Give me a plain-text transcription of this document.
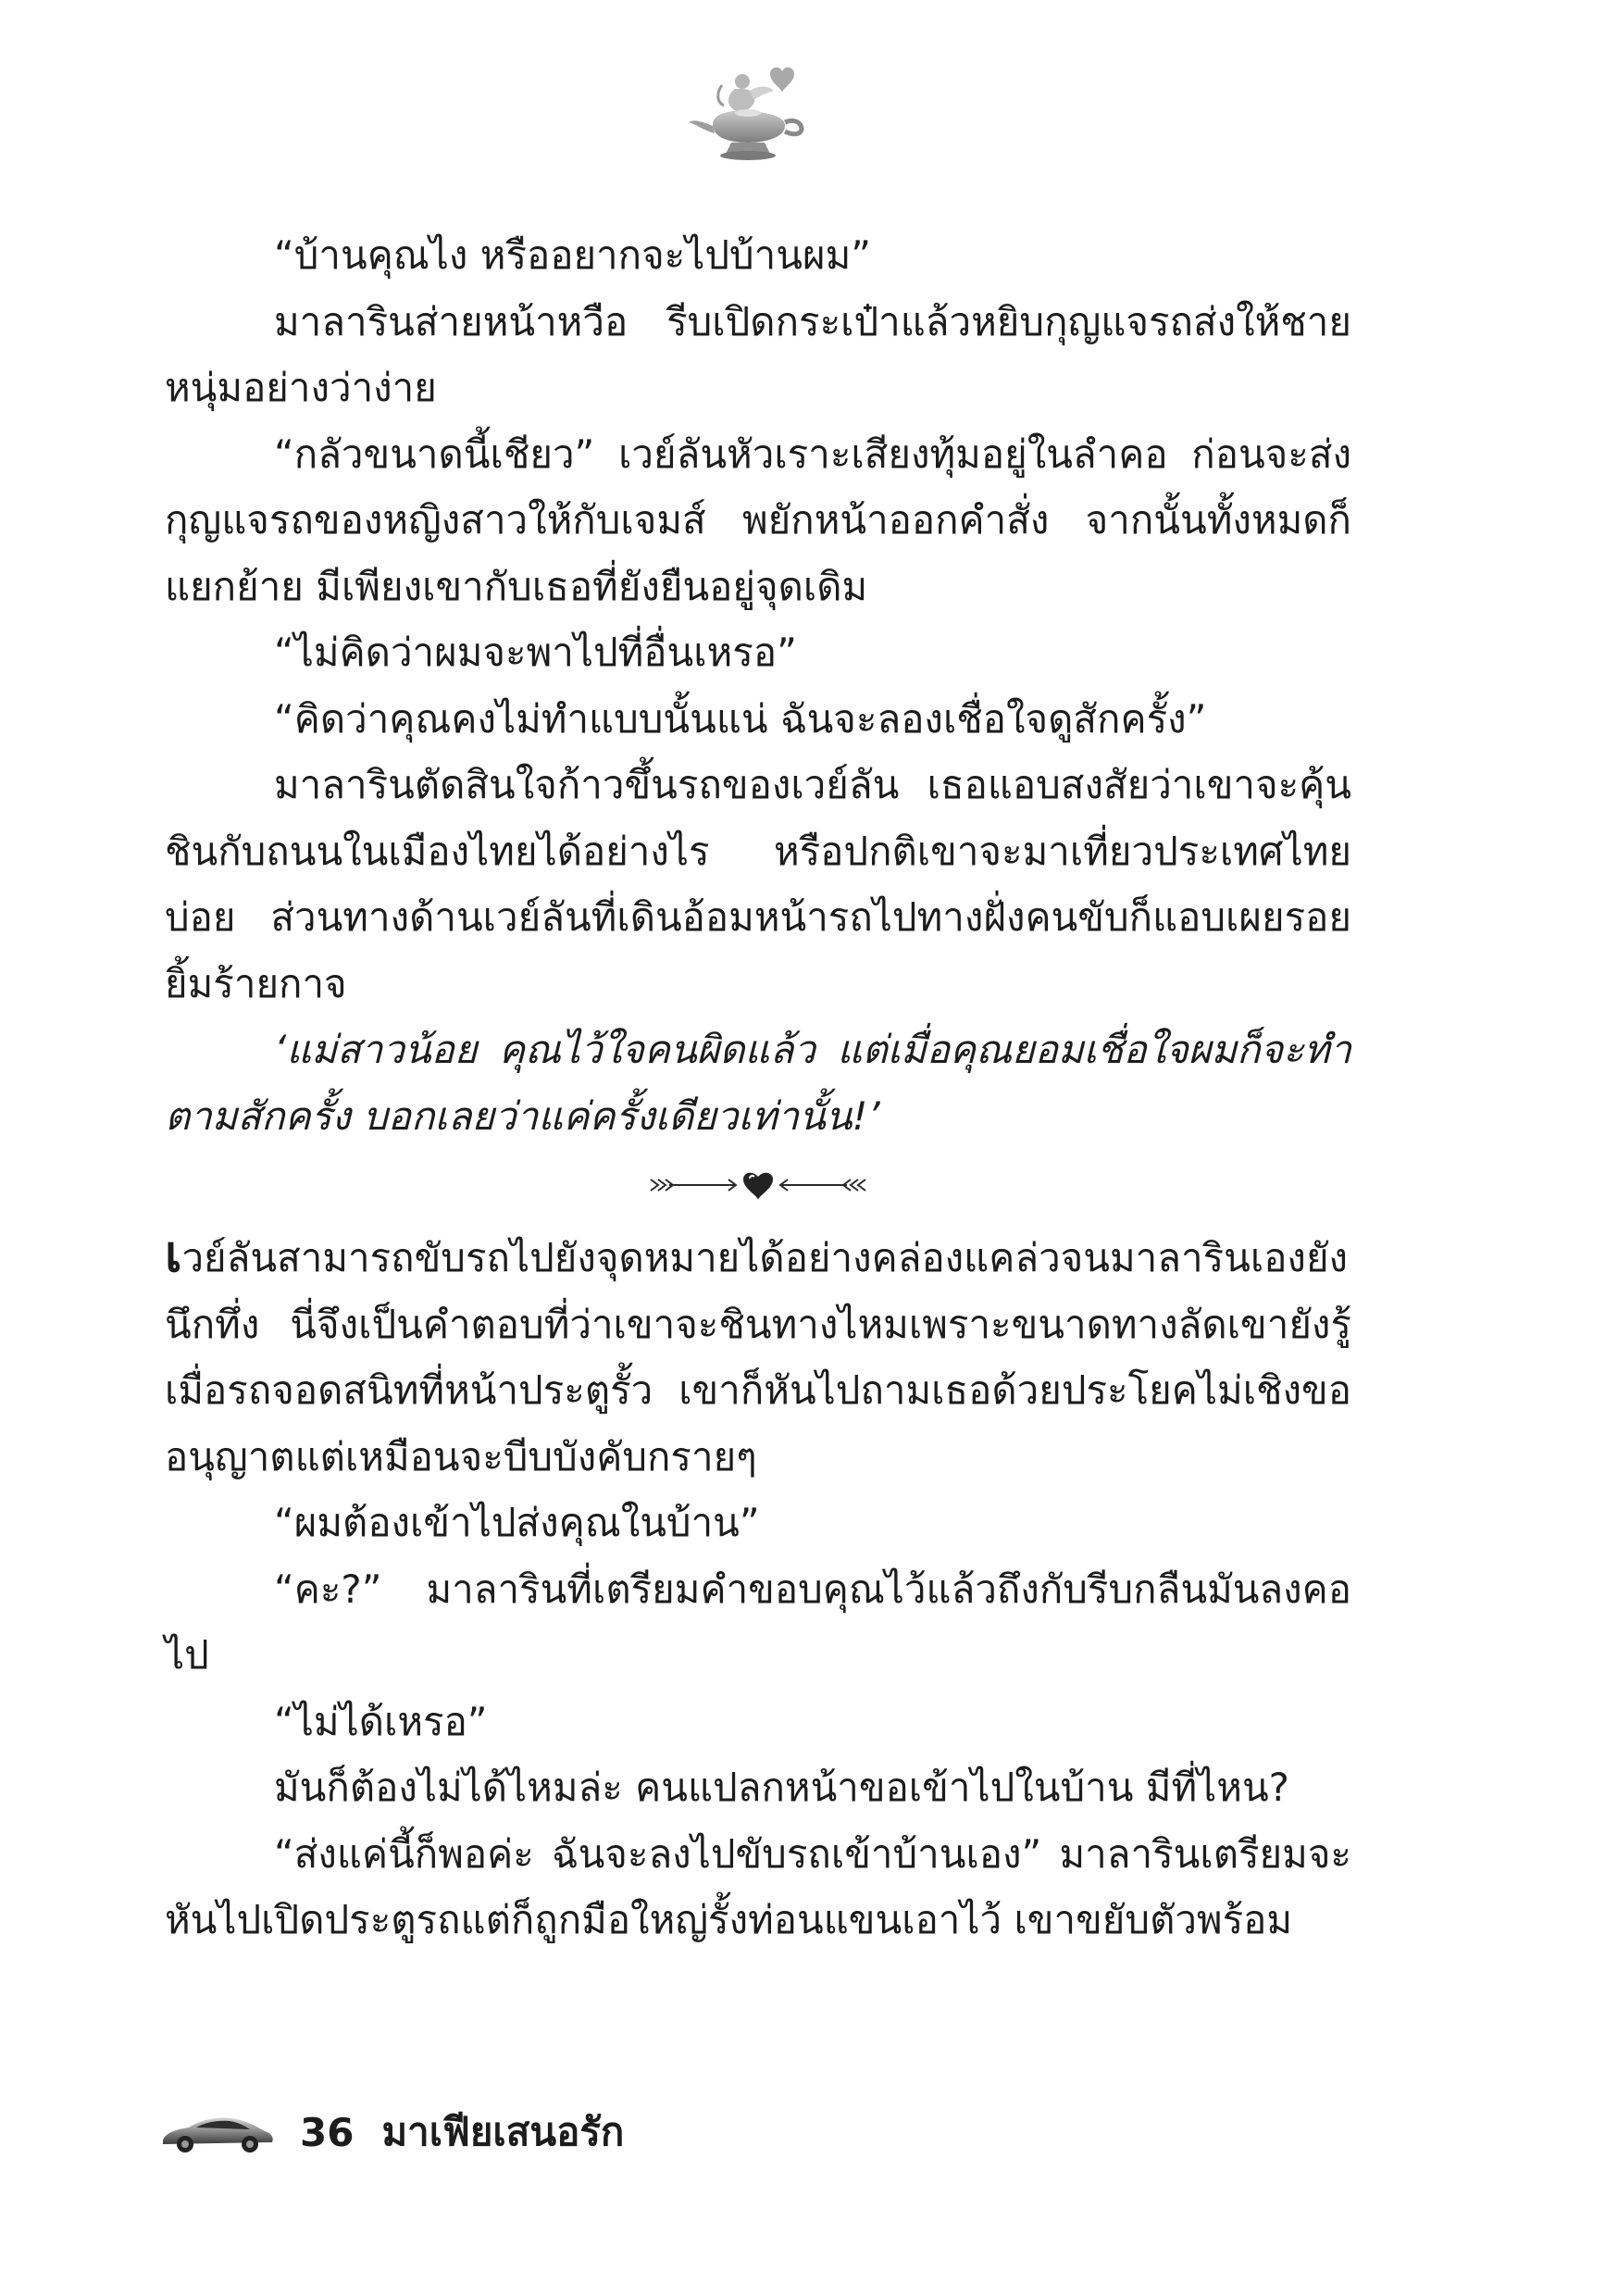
“บ้านคุณไง หรืออยากจะไปบ้านผม”

มาลารินส่ายหน้าหวือ รีบเปิดกระเป๋าแล้วหยิบกุญแจรถส่งให้ชายหนุ่มอย่างว่าง่าย

“กลัวขนาดนี้เชียว” เวย์ลันหัวเราะเสียงทุ้มอยู่ในลำคอ ก่อนจะส่งกุญแจรถของหญิงสาวให้กับเจมส์ พยักหน้าออกคำสั่ง จากนั้นทั้งหมดก็แยกย้าย มีเพียงเขากับเธอที่ยังยืนอยู่จุดเดิม

“ไม่คิดว่าผมจะพาไปที่อื่นเหรอ”

“คิดว่าคุณคงไม่ทำแบบนั้นแน่ ฉันจะลองเชื่อใจดูสักครั้ง”

มาลารินตัดสินใจก้าวขึ้นรถของเวย์ลัน เธอแอบสงสัยว่าเขาจะคุ้นชินกับถนนในเมืองไทยได้อย่างไร หรือปกติเขาจะมาเที่ยวประเทศไทยบ่อย ส่วนทางด้านเวย์ลันที่เดินอ้อมหน้ารถไปทางฝั่งคนขับก็แอบเผยรอยยิ้มร้ายกาจ

‘แม่สาวน้อย คุณไว้ใจคนผิดแล้ว แต่เมื่อคุณยอมเชื่อใจผมก็จะทำตามสักครั้ง บอกเลยว่าแค่ครั้งเดียวเท่านั้น!’

เวย์ลันสามารถขับรถไปยังจุดหมายได้อย่างคล่องแคล่วจนมาลารินเองยังนึกทึ่ง นี่จึงเป็นคำตอบที่ว่าเขาจะชินทางไหมเพราะขนาดทางลัดเขายังรู้ เมื่อรถจอดสนิทที่หน้าประตูรั้ว เขาก็หันไปถามเธอด้วยประโยคไม่เชิงขออนุญาตแต่เหมือนจะบีบบังคับกรายๆ

“ผมต้องเข้าไปส่งคุณในบ้าน”

“คะ?” มาลารินที่เตรียมคำขอบคุณไว้แล้วถึงกับรีบกลืนมันลงคอไป

“ไม่ได้เหรอ”

มันก็ต้องไม่ได้ไหมล่ะ คนแปลกหน้าขอเข้าไปในบ้าน มีที่ไหน?

“ส่งแค่นี้ก็พอค่ะ ฉันจะลงไปขับรถเข้าบ้านเอง” มาลารินเตรียมจะหันไปเปิดประตูรถแต่ก็ถูกมือใหญ่รั้งท่อนแขนเอาไว้ เขาขยับตัวพร้อม

36 มาเฟียเสนอรัก
